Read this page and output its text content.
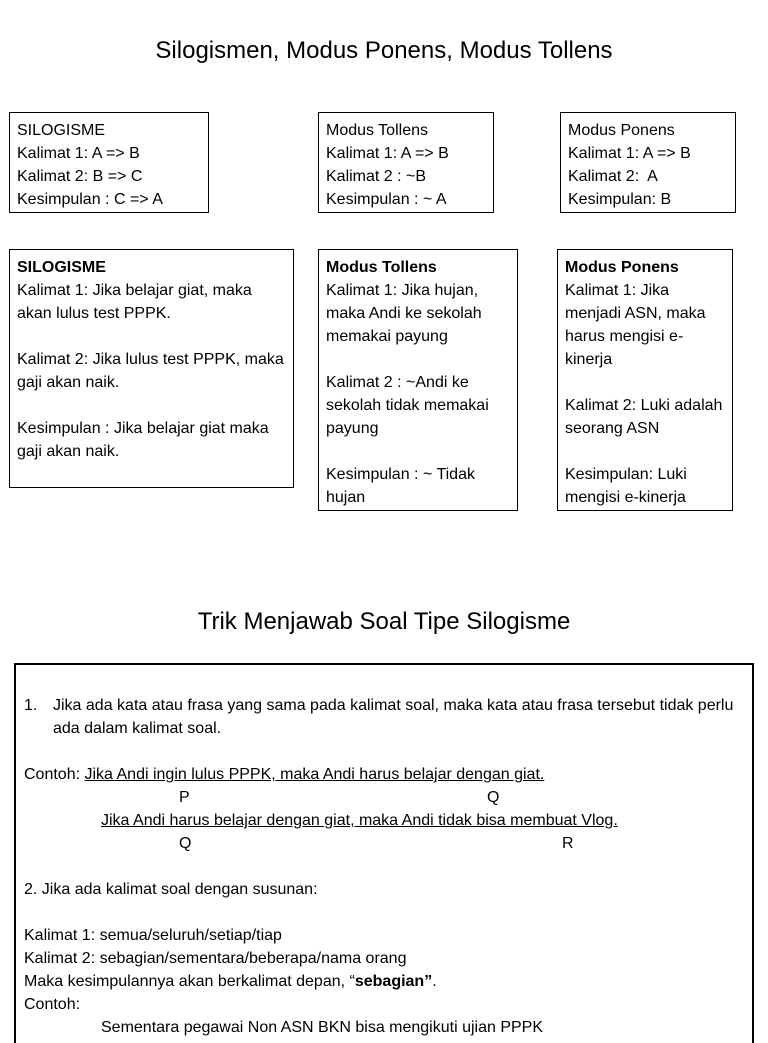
Silogismen, Modus Ponens, Modus Tollens
SILOGISME
Kalimat 1: A => B
Kalimat 2: B => C
Kesimpulan : C => A
Modus Tollens
Kalimat 1: A => B
Kalimat 2 : ~B
Kesimpulan : ~ A
Modus Ponens
Kalimat 1: A => B
Kalimat 2:  A
Kesimpulan: B
SILOGISME
Kalimat 1: Jika belajar giat, maka akan lulus test PPPK.
Kalimat 2: Jika lulus test PPPK, maka gaji akan naik.
Kesimpulan : Jika belajar giat maka gaji akan naik.
Modus Tollens
Kalimat 1: Jika hujan, maka Andi ke sekolah memakai payung
Kalimat 2 : ~Andi ke sekolah tidak memakai payung
Kesimpulan : ~ Tidak hujan
Modus Ponens
Kalimat 1: Jika menjadi ASN, maka harus mengisi e-kinerja
Kalimat 2: Luki adalah seorang ASN
Kesimpulan: Luki mengisi e-kinerja
Trik Menjawab Soal Tipe Silogisme
1. Jika ada kata atau frasa yang sama pada kalimat soal, maka kata atau frasa tersebut tidak perlu ada dalam kalimat soal.
Contoh: Jika Andi ingin lulus PPPK, maka Andi harus belajar dengan giat.
P	Q
Jika Andi harus belajar dengan giat, maka Andi tidak bisa membuat Vlog.
Q	R
2. Jika ada kalimat soal dengan susunan:
Kalimat 1: semua/seluruh/setiap/tiap
Kalimat 2: sebagian/sementara/beberapa/nama orang
Maka kesimpulannya akan berkalimat depan, “sebagian”.
Contoh:
Sementara pegawai Non ASN BKN bisa mengikuti ujian PPPK
